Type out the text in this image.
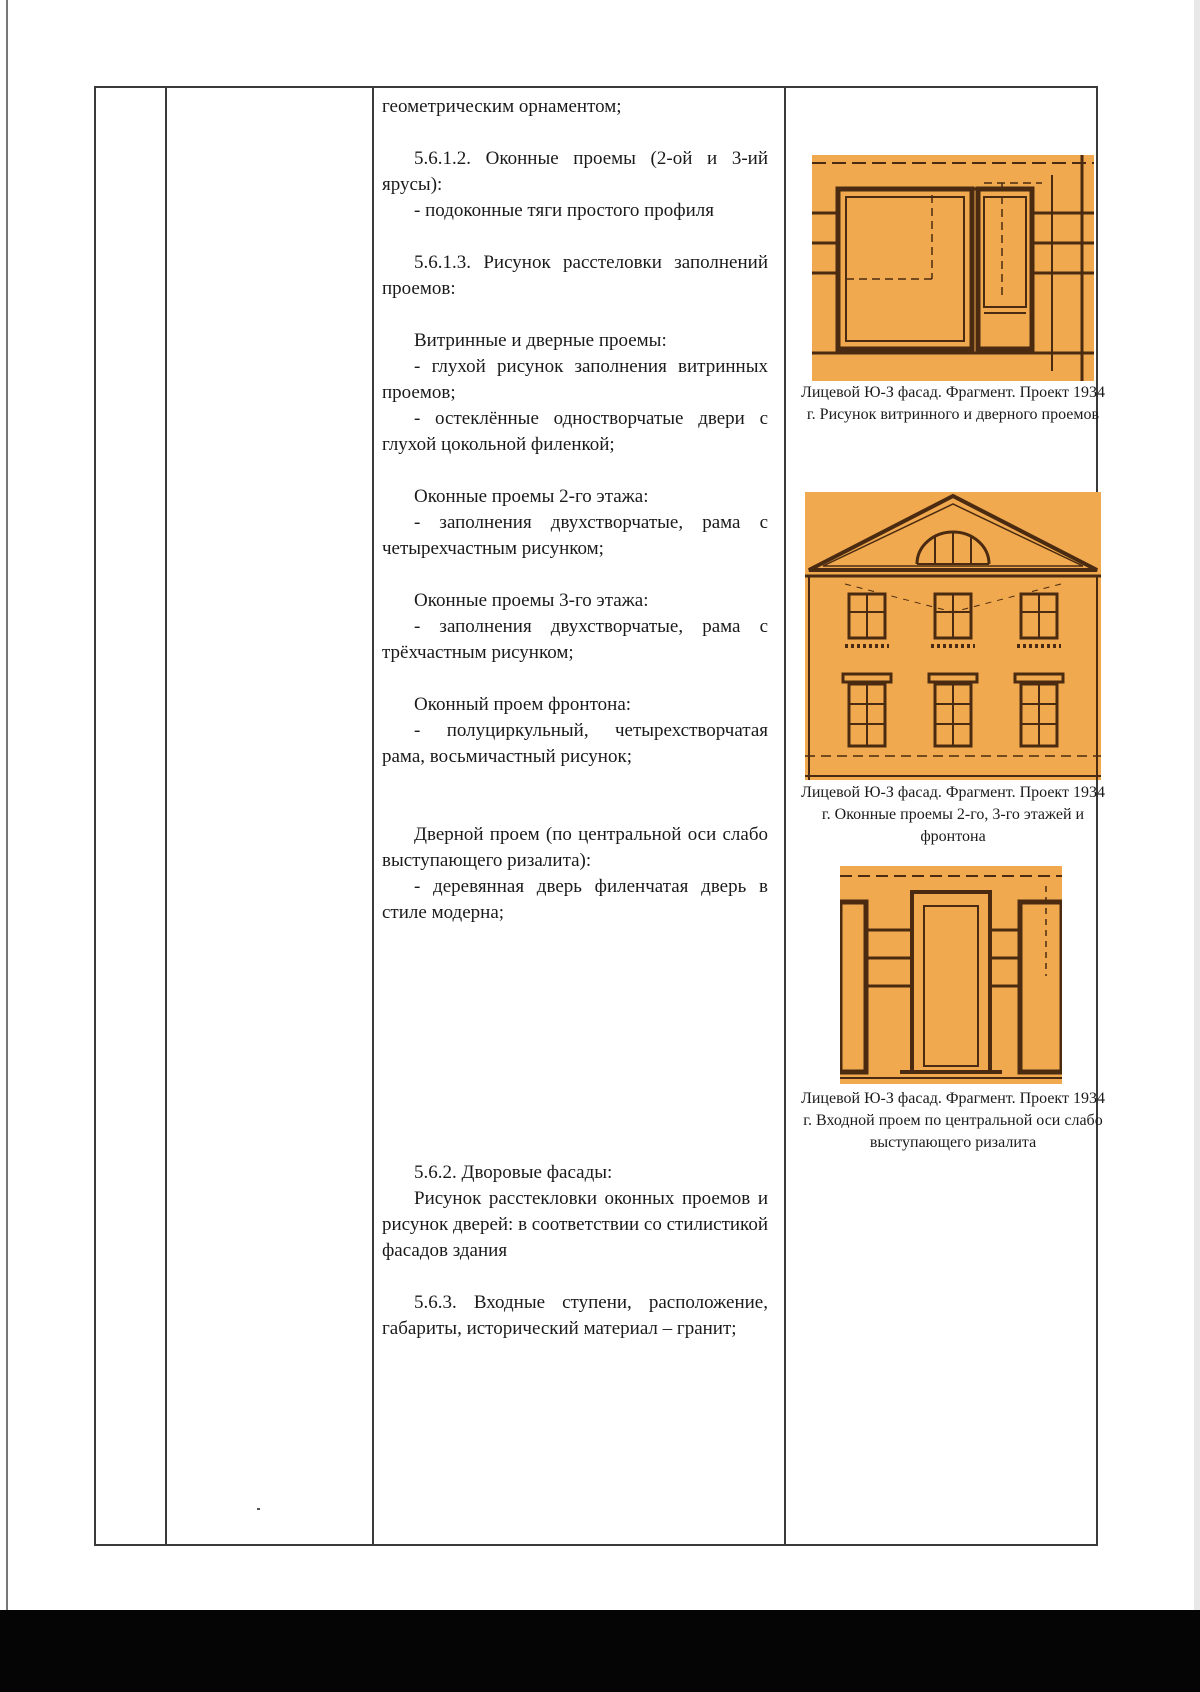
геометрическим орнаментом;

5.6.1.2. Оконные проемы (2-ой и 3-ий ярусы):

- подоконные тяги простого профиля

5.6.1.3. Рисунок расстеловки заполнений проемов:

Витринные и дверные проемы:

- глухой рисунок заполнения витринных проемов;

- остеклённые одностворчатые двери с глухой цокольной филенкой;

Оконные проемы 2-го этажа:

- заполнения двухстворчатые, рама с четырехчастным рисунком;

Оконные проемы 3-го этажа:

- заполнения двухстворчатые, рама с трёхчастным рисунком;

Оконный проем фронтона:

- полуциркульный, четырехстворчатая рама, восьмичастный рисунок;

Дверной проем (по центральной оси слабо выступающего ризалита):

- деревянная дверь филенчатая дверь в стиле модерна;

5.6.2. Дворовые фасады:

Рисунок расстекловки оконных проемов и рисунок дверей: в соответствии со стилистикой фасадов здания

5.6.3. Входные ступени, расположение, габариты, исторический материал – гранит;

Лицевой Ю-З фасад. Фрагмент. Проект 1934 г. Рисунок витринного и дверного проемов
Лицевой Ю-З фасад. Фрагмент. Проект 1934 г. Оконные проемы 2-го, 3-го этажей и фронтона
Лицевой Ю-З фасад. Фрагмент. Проект 1934 г. Входной проем по центральной оси слабо выступающего ризалита
